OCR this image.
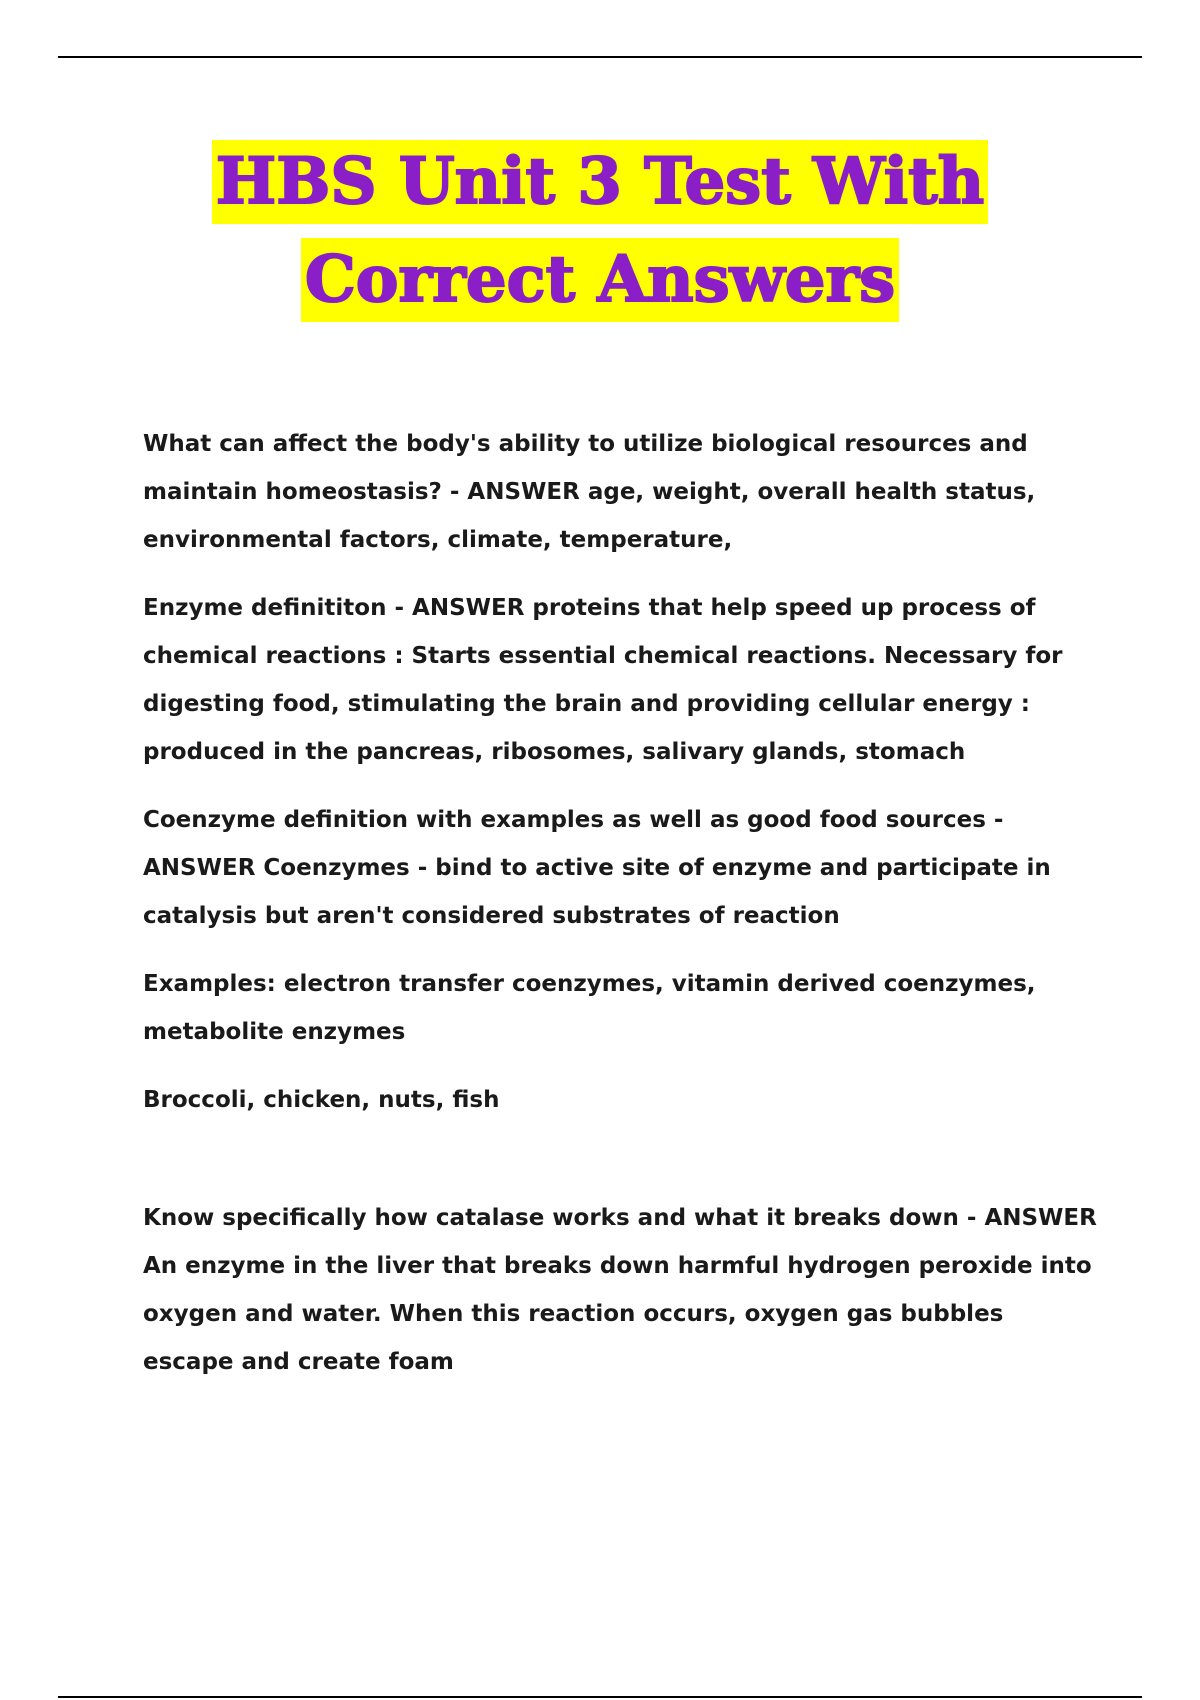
HBS Unit 3 Test With
Correct Answers

What can affect the body's ability to utilize biological resources and maintain homeostasis? - ANSWER age, weight, overall health status, environmental factors, climate, temperature,

Enzyme definititon - ANSWER proteins that help speed up process of chemical reactions : Starts essential chemical reactions. Necessary for digesting food, stimulating the brain and providing cellular energy : produced in the pancreas, ribosomes, salivary glands, stomach

Coenzyme definition with examples as well as good food sources - ANSWER Coenzymes - bind to active site of enzyme and participate in catalysis but aren't considered substrates of reaction

Examples: electron transfer coenzymes, vitamin derived coenzymes, metabolite enzymes

Broccoli, chicken, nuts, fish

Know specifically how catalase works and what it breaks down - ANSWER An enzyme in the liver that breaks down harmful hydrogen peroxide into oxygen and water. When this reaction occurs, oxygen gas bubbles escape and create foam
